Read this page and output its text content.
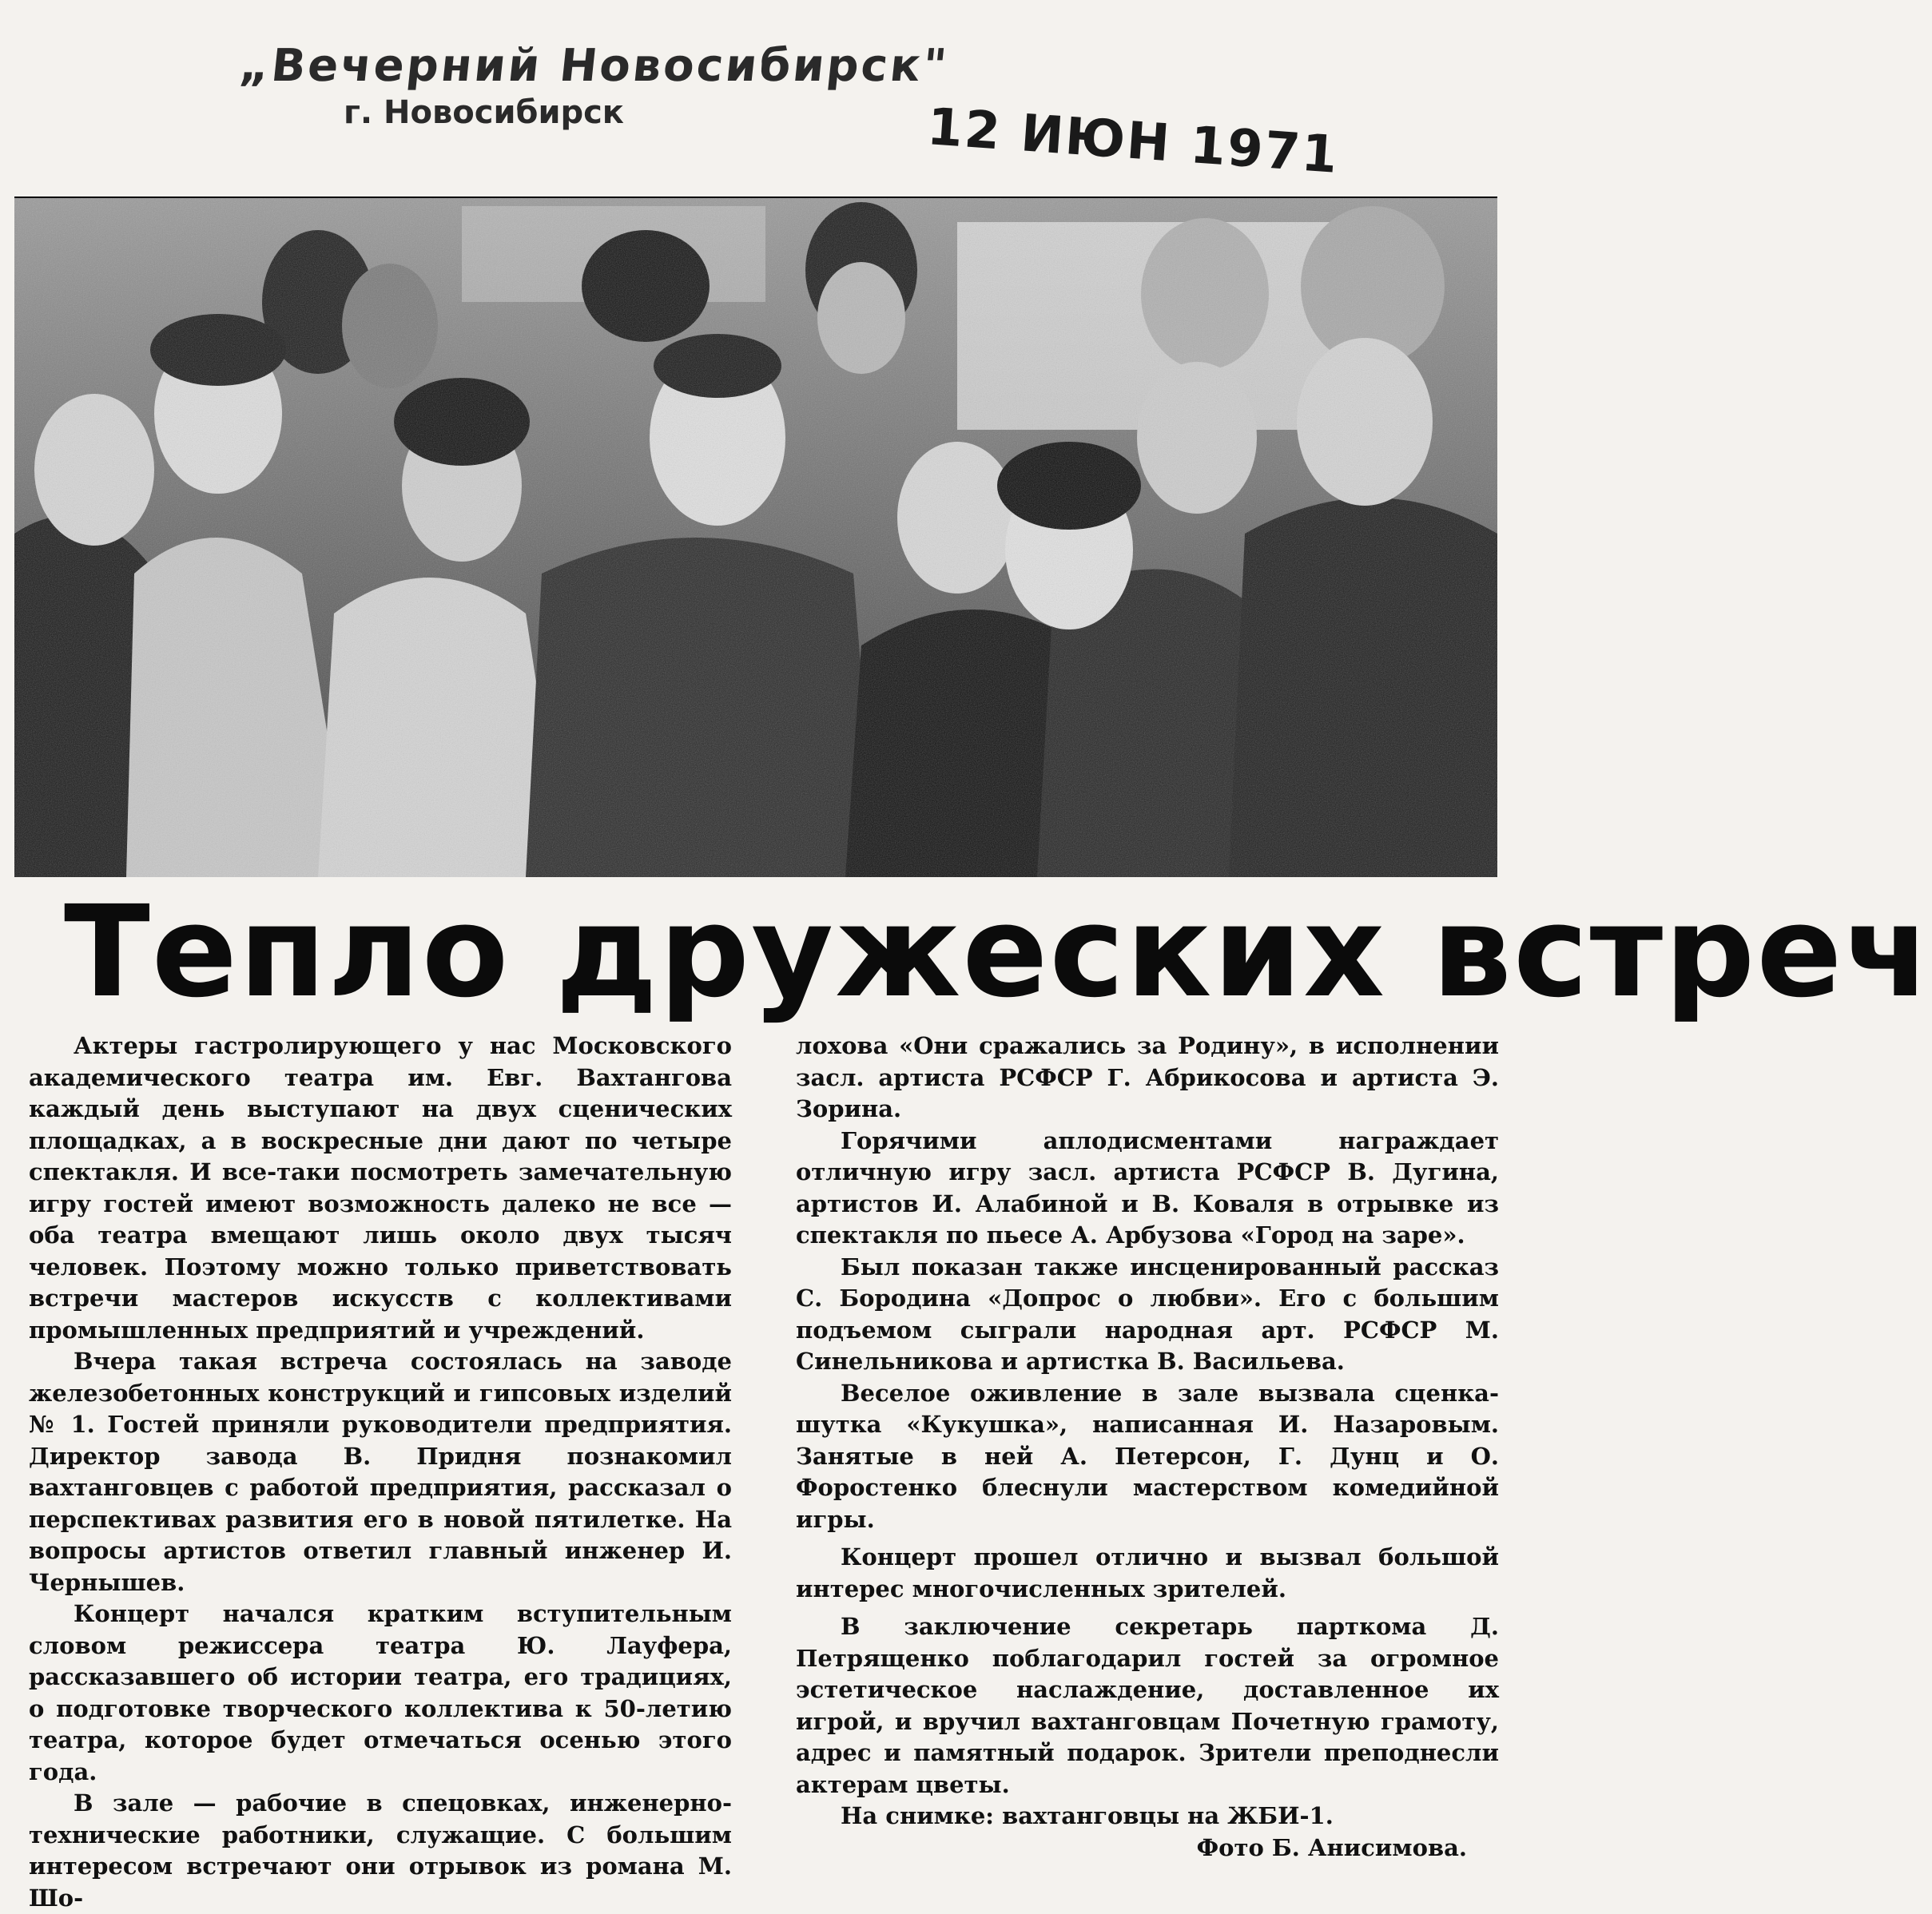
„Вечерний Новосибирск"
г. Новосибирск	12 ИЮН 1971
Тепло дружеских встреч

Актеры гастролирующего у нас Московского академического театра им. Евг. Вахтангова каждый день выступают на двух сценических площадках, а в воскресные дни дают по четыре спектакля. И все-таки посмотреть замечательную игру гостей имеют возможность далеко не все — оба театра вмещают лишь около двух тысяч человек. Поэтому можно только приветствовать встречи мастеров искусств с коллективами промышленных предприятий и учреждений.

Вчера такая встреча состоялась на заводе железобетонных конструкций и гипсовых изделий № 1. Гостей приняли руководители предприятия. Директор завода В. Придня познакомил вахтанговцев с работой предприятия, рассказал о перспективах развития его в новой пятилетке. На вопросы артистов ответил главный инженер И. Чернышев.

Концерт начался кратким вступительным словом режиссера театра Ю. Лауфера, рассказавшего об истории театра, его традициях, о подготовке творческого коллектива к 50-летию театра, которое будет отмечаться осенью этого года.

В зале — рабочие в спецовках, инженерно-технические работники, служащие. С большим интересом встречают они отрывок из романа М. Шо-

лохова «Они сражались за Родину», в исполнении засл. артиста РСФСР Г. Абрикосова и артиста Э. Зорина.

Горячими аплодисментами награждает отличную игру засл. артиста РСФСР В. Дугина, артистов И. Алабиной и В. Коваля в отрывке из спектакля по пьесе А. Арбузова «Город на заре».

Был показан также инсценированный рассказ С. Бородина «Допрос о любви». Его с большим подъемом сыграли народная арт. РСФСР М. Синельникова и артистка В. Васильева.

Веселое оживление в зале вызвала сценка-шутка «Кукушка», написанная И. Назаровым. Занятые в ней А. Петерсон, Г. Дунц и О. Форостенко блеснули мастерством комедийной игры.

Концерт прошел отлично и вызвал большой интерес многочисленных зрителей.

В заключение секретарь парткома Д. Петрященко поблагодарил гостей за огромное эстетическое наслаждение, доставленное их игрой, и вручил вахтанговцам Почетную грамоту, адрес и памятный подарок. Зрители преподнесли актерам цветы.

На снимке: вахтанговцы на ЖБИ-1.

Фото Б. Анисимова.
